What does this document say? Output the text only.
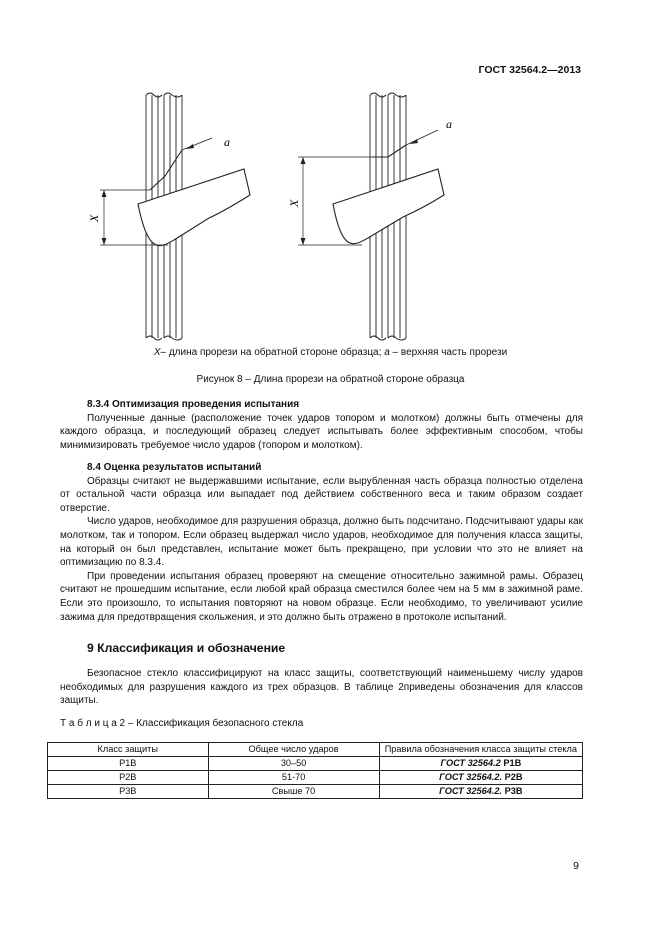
ГОСТ 32564.2—2013
a
X
a
X
X– длина прорези на обратной стороне образца; a – верхняя часть прорези
Рисунок 8 – Длина прорези на обратной стороне образца
8.3.4 Оптимизация проведения испытания

Полученные данные (расположение точек ударов топором и молотком) должны быть отмечены для каждого образца, и последующий образец следует испытывать более эффективным способом, чтобы минимизировать требуемое число ударов (топором и молотком).

8.4 Оценка результатов испытаний

Образцы считают не выдержавшими испытание, если вырубленная часть образца полностью отделена от остальной части образца или выпадает под действием собственного веса и таким образом создает отверстие.

Число ударов, необходимое для разрушения образца, должно быть подсчитано. Подсчитывают удары как молотком, так и топором. Если образец выдержал число ударов, необходимое для получения класса защиты, на который он был представлен, испытание может быть прекращено, при условии что это не влияет на оптимизацию по 8.3.4.

При проведении испытания образец проверяют на смещение относительно зажимной рамы. Образец считают не прошедшим испытание, если любой край образца сместился более чем на 5 мм в зажимной раме. Если это произошло, то испытания повторяют на новом образце. Если необходимо, то увеличивают усилие зажима для предотвращения скольжения, и это должно быть отражено в протоколе испытаний.

9 Классификация и обозначение

Безопасное стекло классифицируют на класс защиты, соответствующий наименьшему числу ударов необходимых для разрушения каждого из трех образцов. В таблице 2приведены обозначения для классов защиты.

Т а б л и ц а 2 – Классификация безопасного стекла
Класс защиты	Общее число ударов	Правила обозначения класса защиты стекла
Р1В	30–50	ГОСТ 32564.2 Р1В
Р2В	51-70	ГОСТ 32564.2. Р2В
Р3В	Свыше 70	ГОСТ 32564.2. Р3В
9
